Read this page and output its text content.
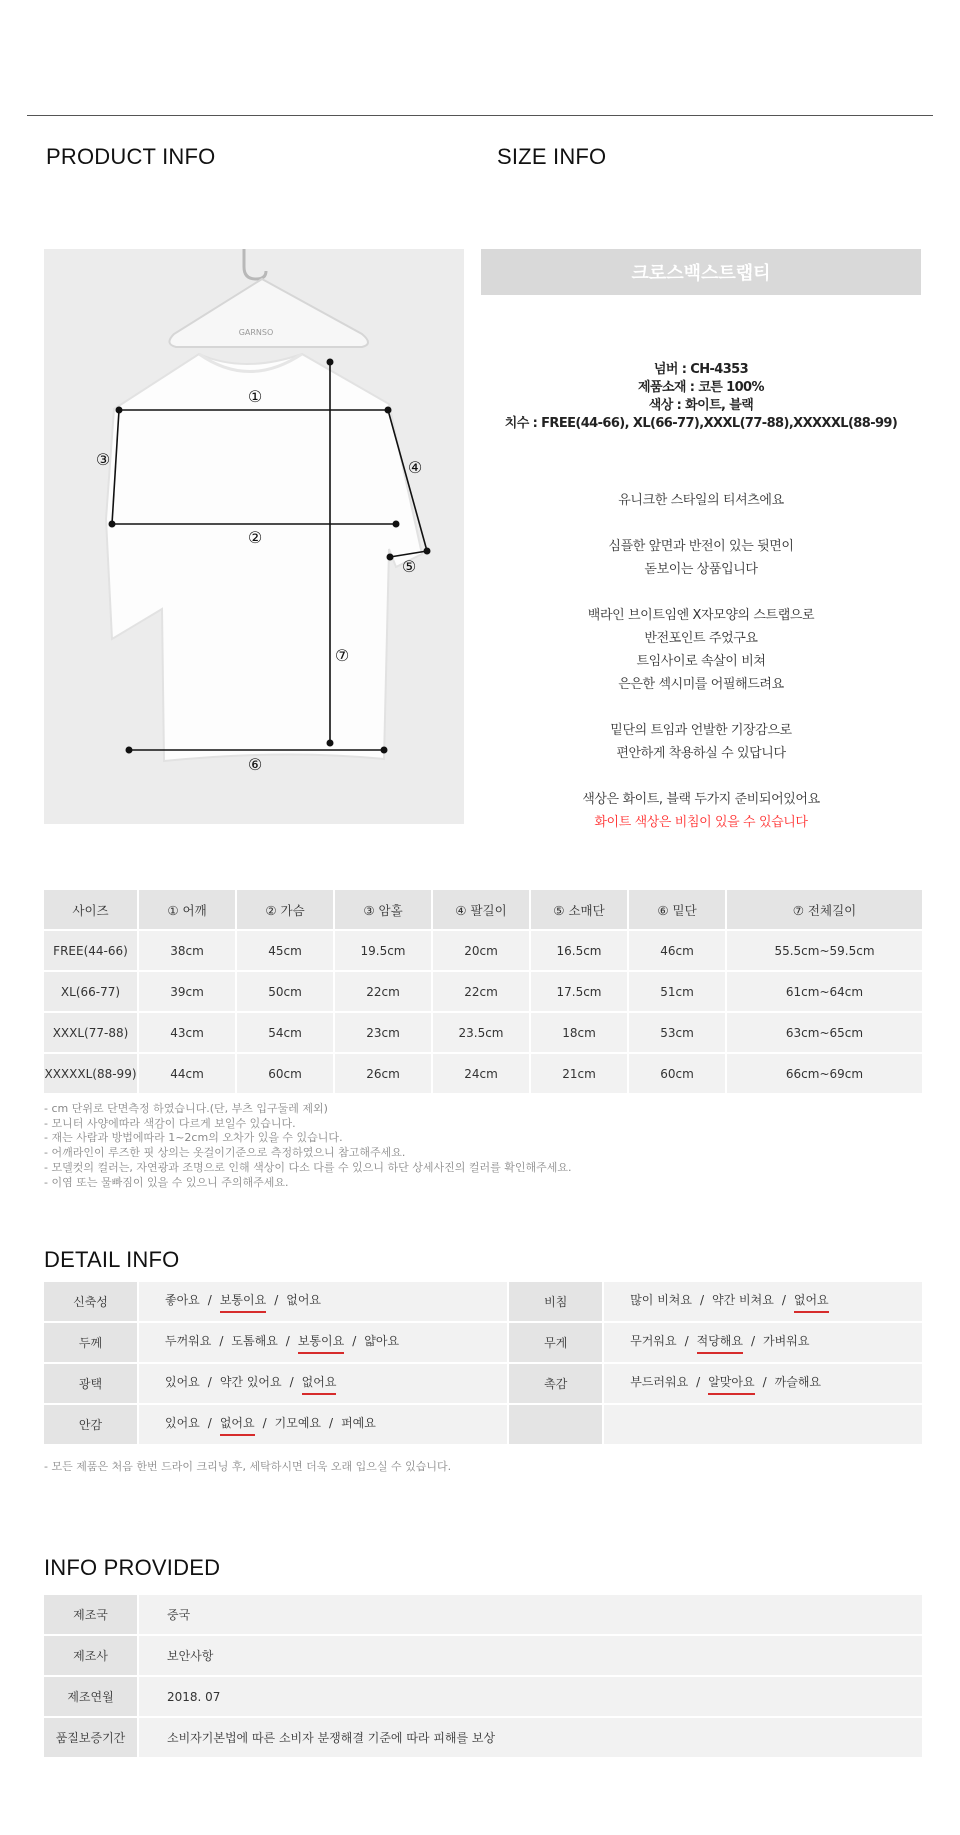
PRODUCT INFO	SIZE INFO
GARNSO
①
②
③	④
⑤
⑥
⑦
크로스백스트랩티
넘버 : CH-4353
제품소재 : 코튼 100%
색상 : 화이트, 블랙
치수 : FREE(44-66), XL(66-77),XXXL(77-88),XXXXXL(88-99)
유니크한 스타일의 티셔츠에요
심플한 앞면과 반전이 있는 뒷면이
돋보이는 상품입니다
백라인 브이트임엔 X자모양의 스트랩으로
반전포인트 주었구요
트임사이로 속살이 비쳐
은은한 섹시미를 어필해드려요
밑단의 트임과 언발한 기장감으로
편안하게 착용하실 수 있답니다
색상은 화이트, 블랙 두가지 준비되어있어요
화이트 색상은 비침이 있을 수 있습니다
사이즈	① 어깨	② 가슴	③ 암홀	④ 팔길이	⑤ 소매단	⑥ 밑단	⑦ 전체길이
FREE(44-66)	38cm	45cm	19.5cm	20cm	16.5cm	46cm	55.5cm~59.5cm
XL(66-77)	39cm	50cm	22cm	22cm	17.5cm	51cm	61cm~64cm
XXXL(77-88)	43cm	54cm	23cm	23.5cm	18cm	53cm	63cm~65cm
XXXXXL(88-99)	44cm	60cm	26cm	24cm	21cm	60cm	66cm~69cm
- cm 단위로 단면측정 하였습니다.(단, 부츠 입구둘레 제외)
- 모니터 사양에따라 색감이 다르게 보일수 있습니다.
- 재는 사람과 방법에따라 1~2cm의 오차가 있을 수 있습니다.
- 어깨라인이 루즈한 핏 상의는 옷걸이기준으로 측정하였으니 참고해주세요.
- 모델컷의 컬러는, 자연광과 조명으로 인해 색상이 다소 다를 수 있으니 하단 상세사진의 컬러를 확인해주세요.
- 이염 또는 물빠짐이 있을 수 있으니 주의해주세요.
DETAIL INFO
신축성	좋아요 / 보통이요 / 없어요	비침	많이 비쳐요 / 약간 비쳐요 / 없어요
두께	두꺼워요 / 도톰해요 / 보통이요 / 얇아요	무게	무거워요 / 적당해요 / 가벼워요
광택	있어요 / 약간 있어요 / 없어요	촉감	부드러워요 / 알맞아요 / 까슬해요
안감	있어요 / 없어요 / 기모예요 / 퍼예요		
- 모든 제품은 처음 한번 드라이 크리닝 후, 세탁하시면 더욱 오래 입으실 수 있습니다.
INFO PROVIDED
제조국	중국
제조사	보안사항
제조연월	2018. 07
품질보증기간	소비자기본법에 따른 소비자 분쟁해결 기준에 따라 피해를 보상
